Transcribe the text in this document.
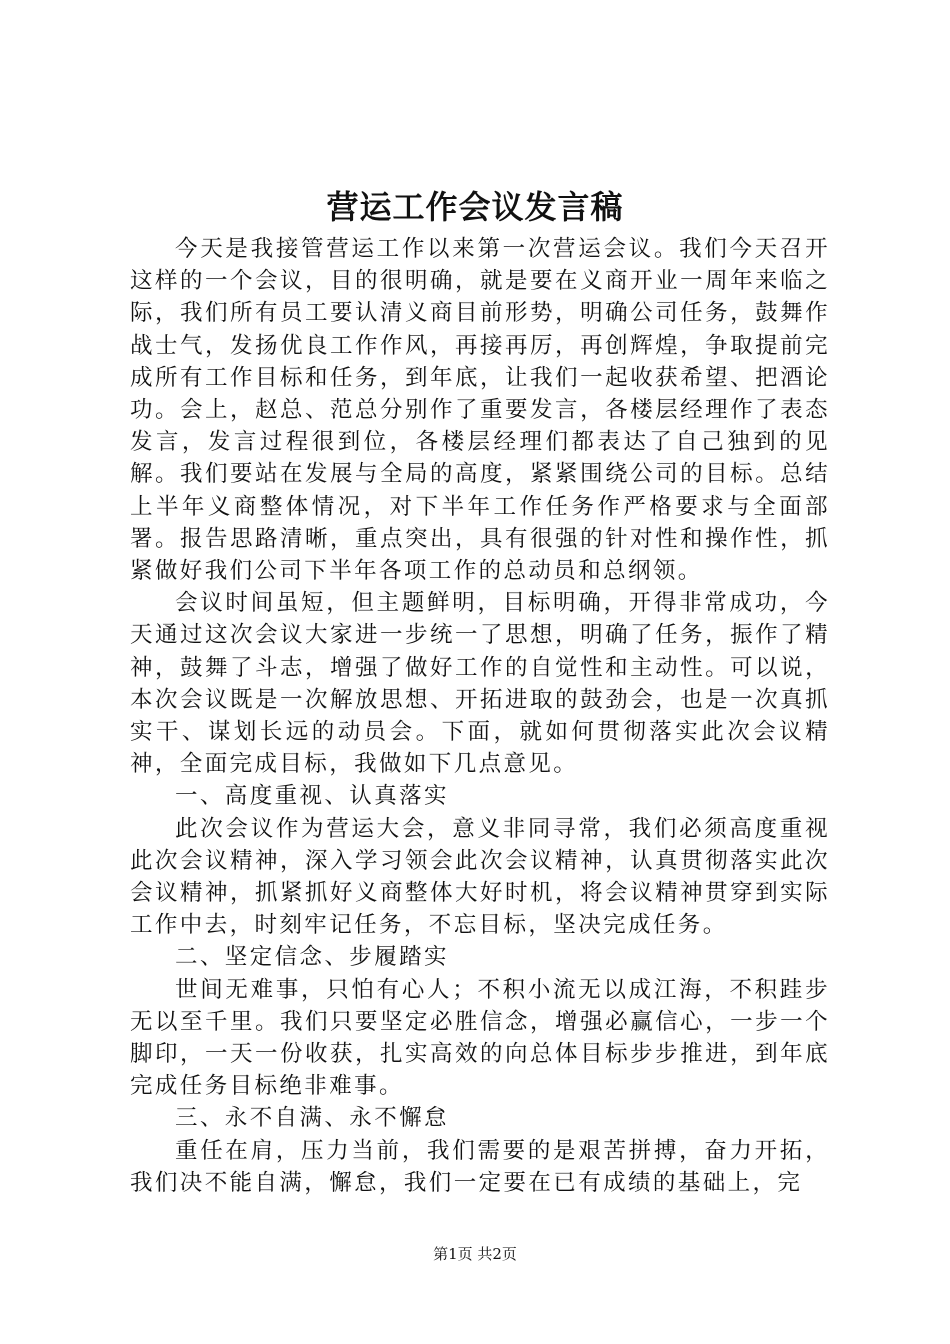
营运工作会议发言稿

今天是我接管营运工作以来第一次营运会议。我们今天召开这样的一个会议，目的很明确，就是要在义商开业一周年来临之际，我们所有员工要认清义商目前形势，明确公司任务，鼓舞作战士气，发扬优良工作作风，再接再厉，再创辉煌，争取提前完成所有工作目标和任务，到年底，让我们一起收获希望、把酒论功。会上，赵总、范总分别作了重要发言，各楼层经理作了表态发言，发言过程很到位，各楼层经理们都表达了自己独到的见解。我们要站在发展与全局的高度，紧紧围绕公司的目标。总结上半年义商整体情况，对下半年工作任务作严格要求与全面部署。报告思路清晰，重点突出，具有很强的针对性和操作性，抓紧做好我们公司下半年各项工作的总动员和总纲领。

会议时间虽短，但主题鲜明，目标明确，开得非常成功，今天通过这次会议大家进一步统一了思想，明确了任务，振作了精神，鼓舞了斗志，增强了做好工作的自觉性和主动性。可以说，本次会议既是一次解放思想、开拓进取的鼓劲会，也是一次真抓实干、谋划长远的动员会。下面，就如何贯彻落实此次会议精神，全面完成目标，我做如下几点意见。

一、高度重视、认真落实

此次会议作为营运大会，意义非同寻常，我们必须高度重视此次会议精神，深入学习领会此次会议精神，认真贯彻落实此次会议精神，抓紧抓好义商整体大好时机，将会议精神贯穿到实际工作中去，时刻牢记任务，不忘目标，坚决完成任务。

二、坚定信念、步履踏实

世间无难事，只怕有心人；不积小流无以成江海，不积跬步无以至千里。我们只要坚定必胜信念，增强必赢信心，一步一个脚印，一天一份收获，扎实高效的向总体目标步步推进，到年底完成任务目标绝非难事。

三、永不自满、永不懈怠

重任在肩，压力当前，我们需要的是艰苦拼搏，奋力开拓，我们决不能自满，懈怠，我们一定要在已有成绩的基础上，完

第1页 共2页
